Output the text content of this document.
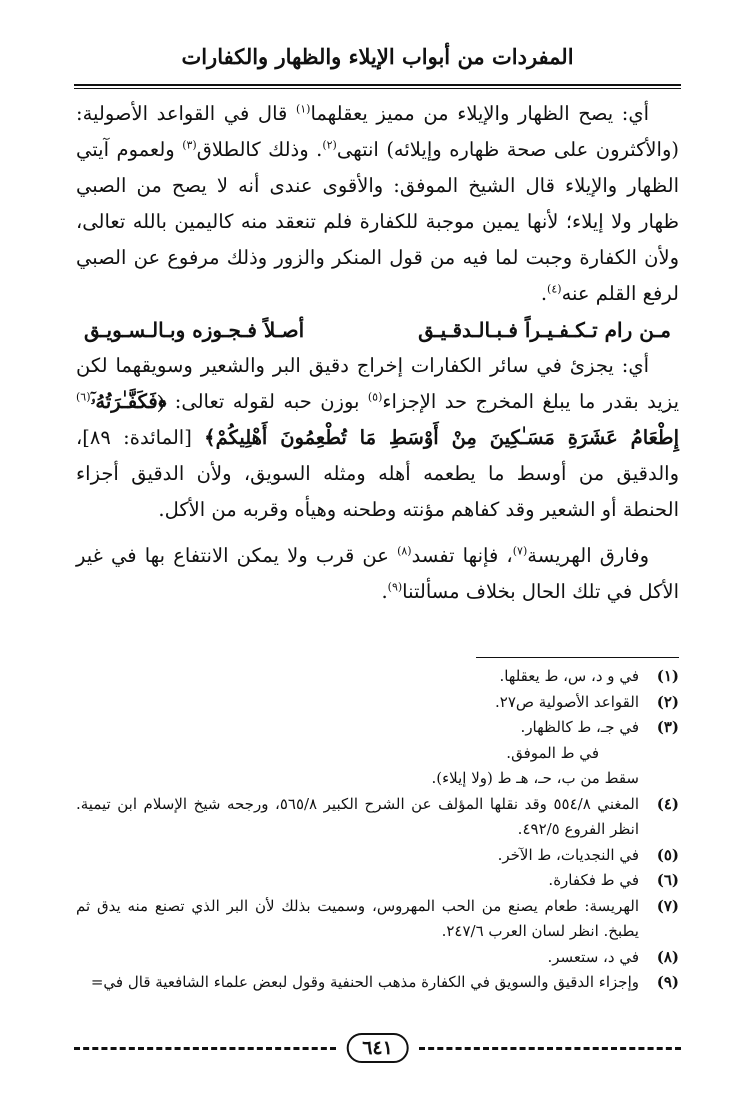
المفردات من أبواب الإيلاء والظهار والكفارات

أي: يصح الظهار والإيلاء من مميز يعقلهما$^{(١)}$ قال في القواعد الأصولية: (والأكثرون على صحة ظهاره وإيلائه) انتهى$^{(٢)}$. وذلك كالطلاق$^{(٣)}$ ولعموم آيتي الظهار والإيلاء قال الشيخ الموفق: والأقوى عندى أنه لا يصح من الصبي ظهار ولا إيلاء؛ لأنها يمين موجبة للكفارة فلم تنعقد منه كاليمين بالله تعالى، ولأن الكفارة وجبت لما فيه من قول المنكر والزور وذلك مرفوع عن الصبي لرفع القلم عنه$^{(٤)}$.

مـن رام تـكـفـيـراً فـبـالـدقـيـق
أصـلاً فـجـوزه وبـالـسـويـق

أي: يجزئ في سائر الكفارات إخراج دقيق البر والشعير وسويقهما لكن يزيد بقدر ما يبلغ المخرج حد الإجزاء$^{(٥)}$ بوزن حبه لقوله تعالى: ﴿فَكَفَّـٰرَتُهُۥٓ$^{(٦)}$ إِطْعَامُ عَشَرَةِ مَسَـٰكِينَ مِنْ أَوْسَطِ مَا تُطْعِمُونَ أَهْلِيكُمْ﴾ [المائدة: ٨٩]، والدقيق من أوسط ما يطعمه أهله ومثله السويق، ولأن الدقيق أجزاء الحنطة أو الشعير وقد كفاهم مؤنته وطحنه وهيأه وقربه من الأكل.

وفارق الهريسة$^{(٧)}$، فإنها تفسد$^{(٨)}$ عن قرب ولا يمكن الانتفاع بها في غير الأكل في تلك الحال بخلاف مسألتنا$^{(٩)}$.

(١)
في و د، س، ط يعقلها.
(٢)
القواعد الأصولية ص٢٧.
(٣)
في جـ، ط كالظهار.
في ط الموفق.
سقط من ب، حـ، هـ ط (ولا إيلاء).
(٤)
المغني ٥٥٤/٨ وقد نقلها المؤلف عن الشرح الكبير ٥٦٥/٨، ورجحه شيخ الإسلام ابن تيمية. انظر الفروع ٤٩٢/٥.
(٥)
في النجديات، ط الآخر.
(٦)
في ط فكفارة.
(٧)
الهريسة: طعام يصنع من الحب المهروس، وسميت بذلك لأن البر الذي تصنع منه يدق ثم يطبخ. انظر لسان العرب ٢٤٧/٦.
(٨)
في د، ستعسر.
(٩)
وإجزاء الدقيق والسويق في الكفارة مذهب الحنفية وقول لبعض علماء الشافعية قال في=
٦٤١
